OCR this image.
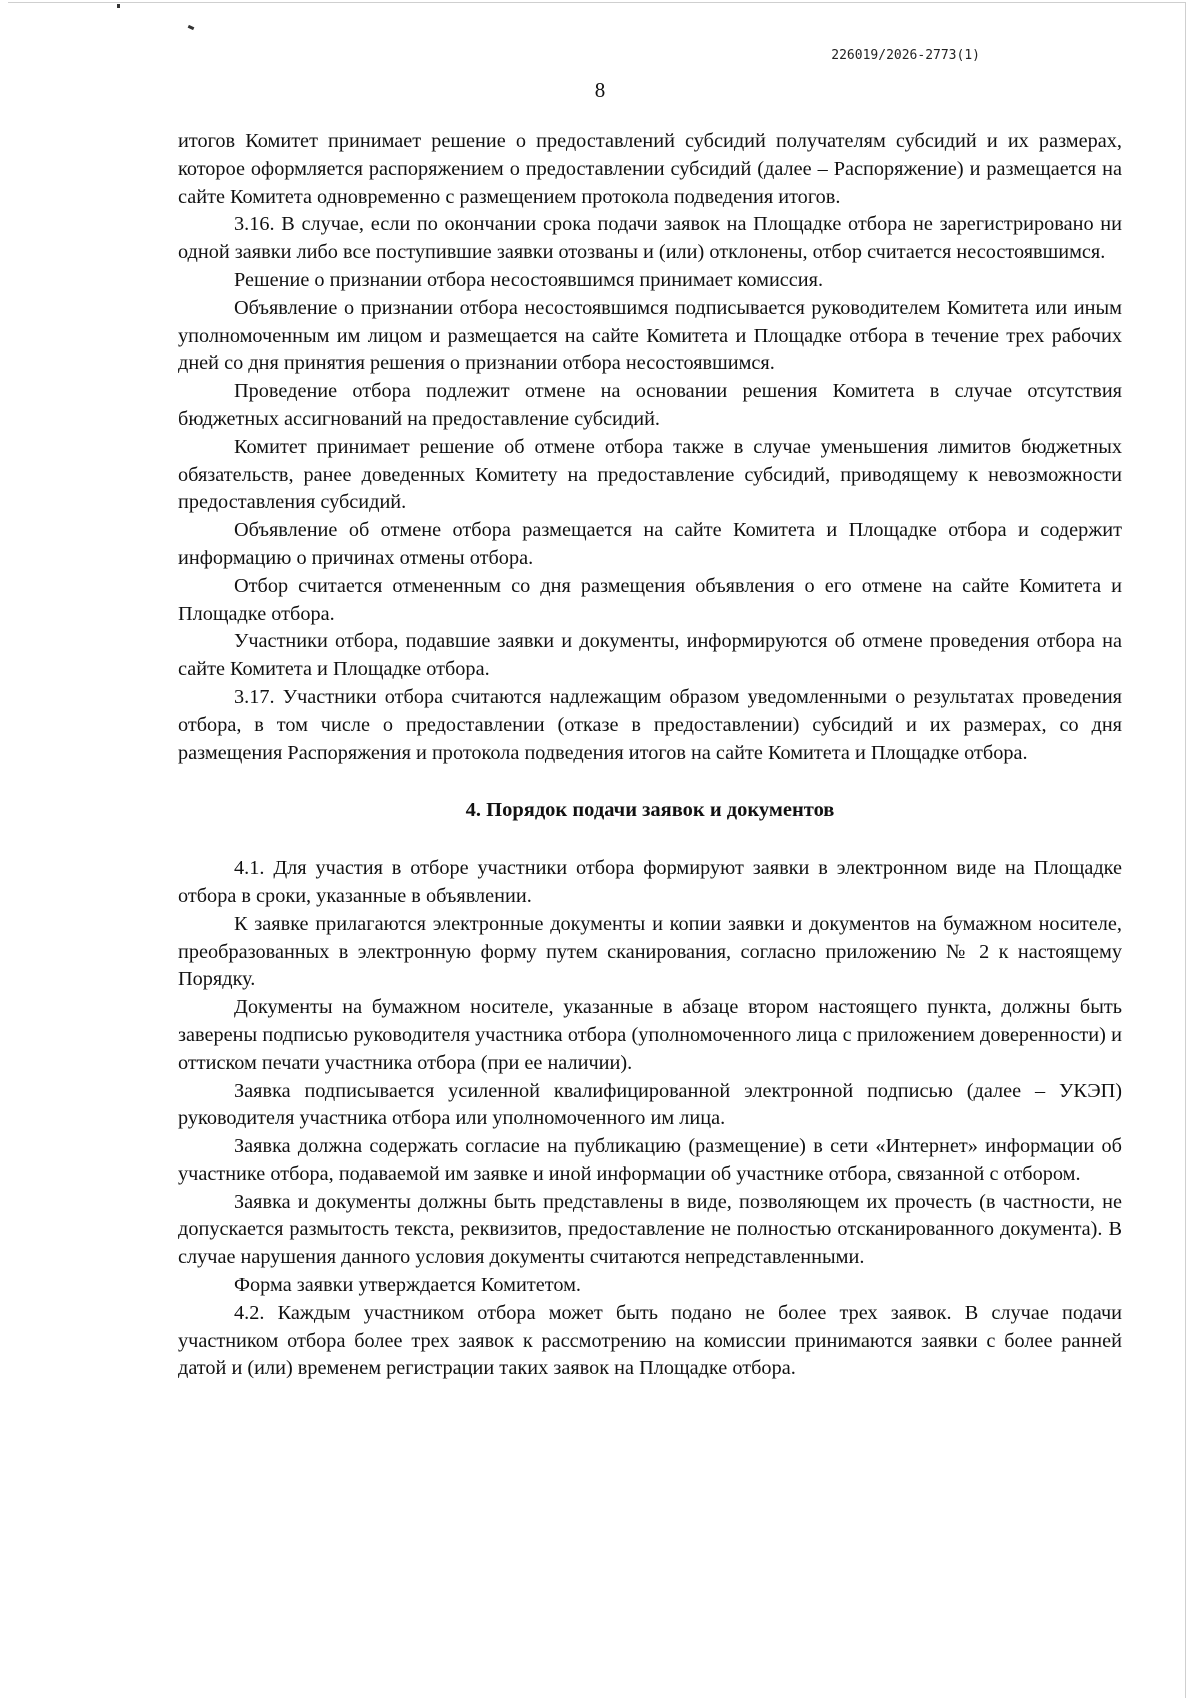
226019/2026-2773(1)
8

итогов Комитет принимает решение о предоставлений субсидий получателям субсидий и их размерах, которое оформляется распоряжением о предоставлении субсидий (далее – Распоряжение) и размещается на сайте Комитета одновременно с размещением протокола подведения итогов.

3.16. В случае, если по окончании срока подачи заявок на Площадке отбора не зарегистрировано ни одной заявки либо все поступившие заявки отозваны и (или) отклонены, отбор считается несостоявшимся.

Решение о признании отбора несостоявшимся принимает комиссия.

Объявление о признании отбора несостоявшимся подписывается руководителем Комитета или иным уполномоченным им лицом и размещается на сайте Комитета и Площадке отбора в течение трех рабочих дней со дня принятия решения о признании отбора несостоявшимся.

Проведение отбора подлежит отмене на основании решения Комитета в случае отсутствия бюджетных ассигнований на предоставление субсидий.

Комитет принимает решение об отмене отбора также в случае уменьшения лимитов бюджетных обязательств, ранее доведенных Комитету на предоставление субсидий, приводящему к невозможности предоставления субсидий.

Объявление об отмене отбора размещается на сайте Комитета и Площадке отбора и содержит информацию о причинах отмены отбора.

Отбор считается отмененным со дня размещения объявления о его отмене на сайте Комитета и Площадке отбора.

Участники отбора, подавшие заявки и документы, информируются об отмене проведения отбора на сайте Комитета и Площадке отбора.

3.17. Участники отбора считаются надлежащим образом уведомленными о результатах проведения отбора, в том числе о предоставлении (отказе в предоставлении) субсидий и их размерах, со дня размещения Распоряжения и протокола подведения итогов на сайте Комитета и Площадке отбора.

4. Порядок подачи заявок и документов

4.1. Для участия в отборе участники отбора формируют заявки в электронном виде на Площадке отбора в сроки, указанные в объявлении.

К заявке прилагаются электронные документы и копии заявки и документов на бумажном носителе, преобразованных в электронную форму путем сканирования, согласно приложению № 2 к настоящему Порядку.

Документы на бумажном носителе, указанные в абзаце втором настоящего пункта, должны быть заверены подписью руководителя участника отбора (уполномоченного лица с приложением доверенности) и оттиском печати участника отбора (при ее наличии).

Заявка подписывается усиленной квалифицированной электронной подписью (далее – УКЭП) руководителя участника отбора или уполномоченного им лица.

Заявка должна содержать согласие на публикацию (размещение) в сети «Интернет» информации об участнике отбора, подаваемой им заявке и иной информации об участнике отбора, связанной с отбором.

Заявка и документы должны быть представлены в виде, позволяющем их прочесть (в частности, не допускается размытость текста, реквизитов, предоставление не полностью отсканированного документа). В случае нарушения данного условия документы считаются непредставленными.

Форма заявки утверждается Комитетом.

4.2. Каждым участником отбора может быть подано не более трех заявок. В случае подачи участником отбора более трех заявок к рассмотрению на комиссии принимаются заявки с более ранней датой и (или) временем регистрации таких заявок на Площадке отбора.
